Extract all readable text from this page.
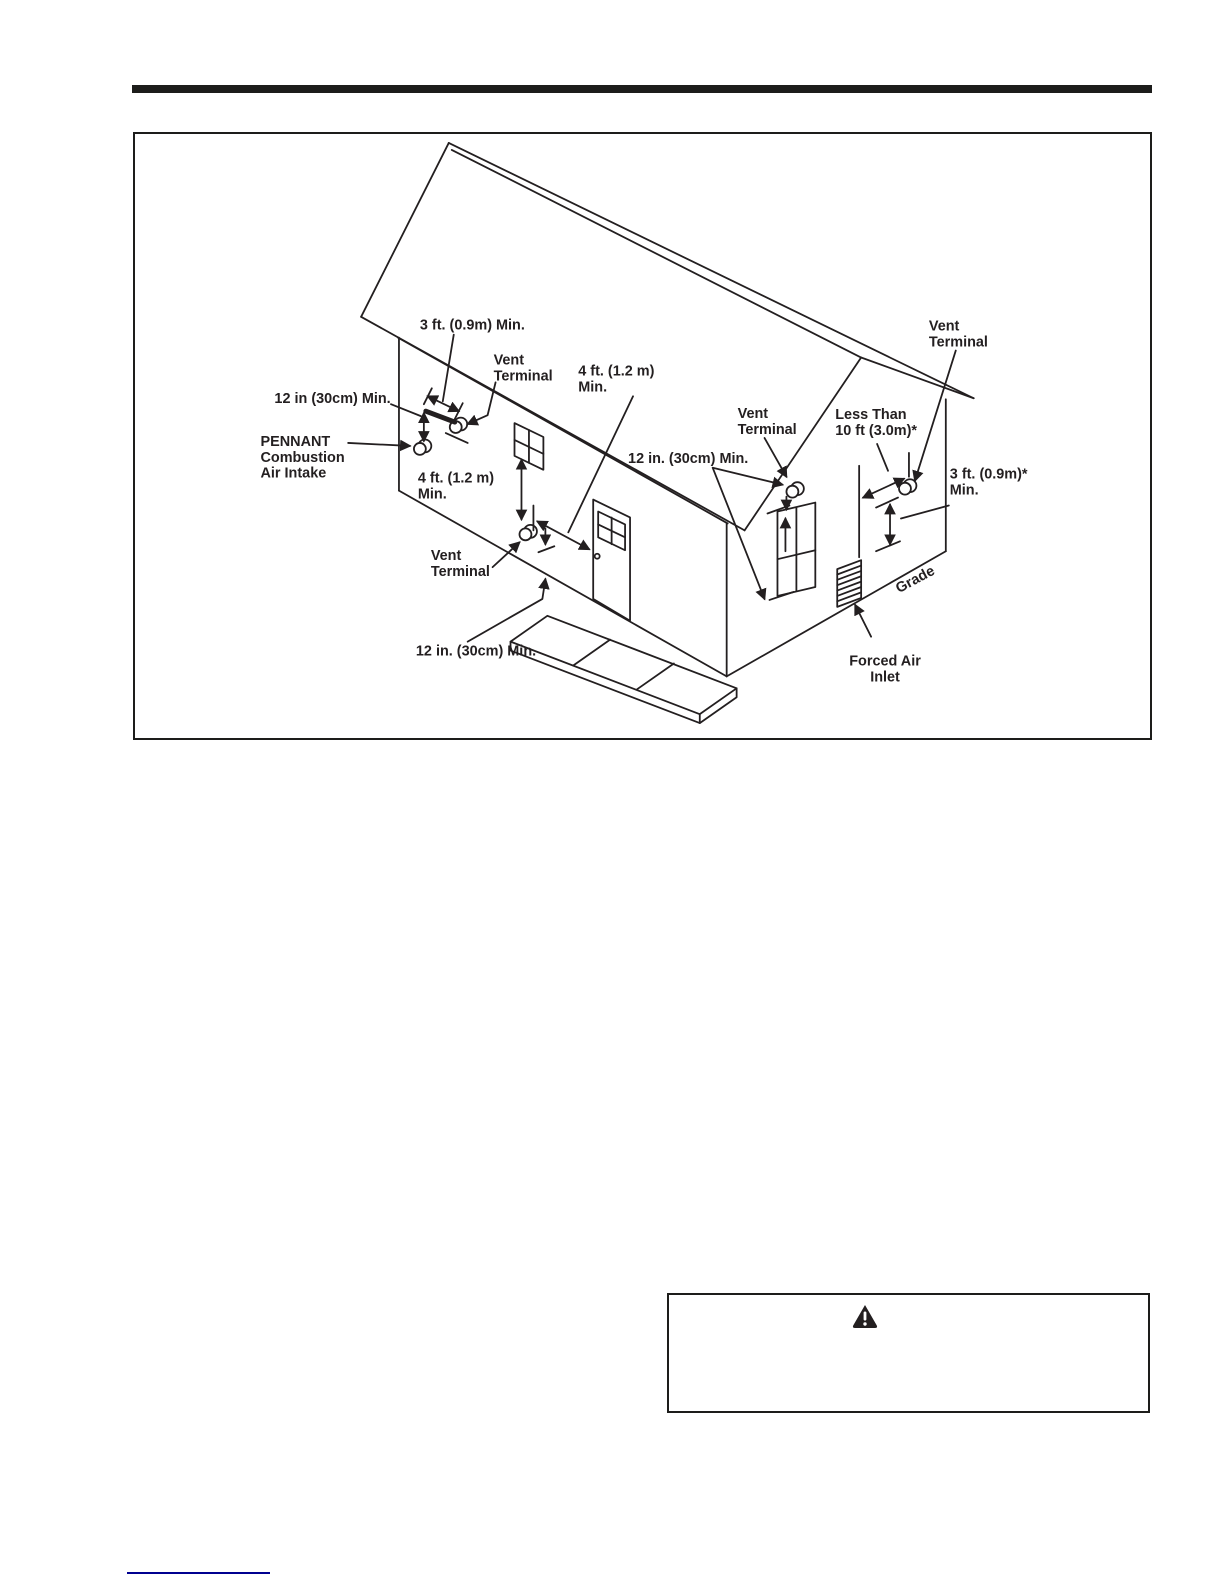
3 ft. (0.9m) Min.
Vent
Terminal 4 ft. (1.2 m)
Min.
12 in (30cm) Min.
PENNANT
Combustion
Air Intake	4 ft. (1.2 m)
Min.
Vent
Terminal
12 in. (30cm) Min.
Vent
Terminal
12 in. (30cm) Min.
Less Than
10 ft (3.0m)*
Vent
Terminal
3 ft. (0.9m)*
Min.
Forced Air
Inlet
Grade
